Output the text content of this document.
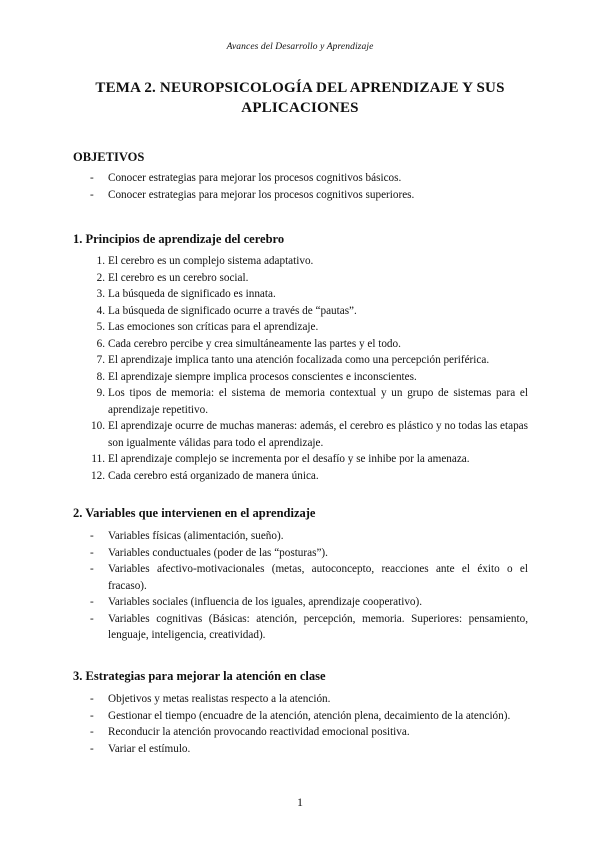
Avances del Desarrollo y Aprendizaje
TEMA 2. NEUROPSICOLOGÍA DEL APRENDIZAJE Y SUS
APLICACIONES
OBJETIVOS
- Conocer estrategias para mejorar los procesos cognitivos básicos.
- Conocer estrategias para mejorar los procesos cognitivos superiores.
1. Principios de aprendizaje del cerebro
1. El cerebro es un complejo sistema adaptativo.
2. El cerebro es un cerebro social.
3. La búsqueda de significado es innata.
4. La búsqueda de significado ocurre a través de “pautas”.
5. Las emociones son críticas para el aprendizaje.
6. Cada cerebro percibe y crea simultáneamente las partes y el todo.
7. El aprendizaje implica tanto una atención focalizada como una percepción periférica.
8. El aprendizaje siempre implica procesos conscientes e inconscientes.
9. Los tipos de memoria: el sistema de memoria contextual y un grupo de sistemas para el aprendizaje repetitivo.
10. El aprendizaje ocurre de muchas maneras: además, el cerebro es plástico y no todas las etapas son igualmente válidas para todo el aprendizaje.
11. El aprendizaje complejo se incrementa por el desafío y se inhibe por la amenaza.
12. Cada cerebro está organizado de manera única.
2. Variables que intervienen en el aprendizaje
- Variables físicas (alimentación, sueño).
- Variables conductuales (poder de las “posturas”).
- Variables afectivo-motivacionales (metas, autoconcepto, reacciones ante el éxito o el fracaso).
- Variables sociales (influencia de los iguales, aprendizaje cooperativo).
- Variables cognitivas (Básicas: atención, percepción, memoria. Superiores: pensamiento, lenguaje, inteligencia, creatividad).
3. Estrategias para mejorar la atención en clase
- Objetivos y metas realistas respecto a la atención.
- Gestionar el tiempo (encuadre de la atención, atención plena, decaimiento de la atención).
- Reconducir la atención provocando reactividad emocional positiva.
- Variar el estímulo.
1
